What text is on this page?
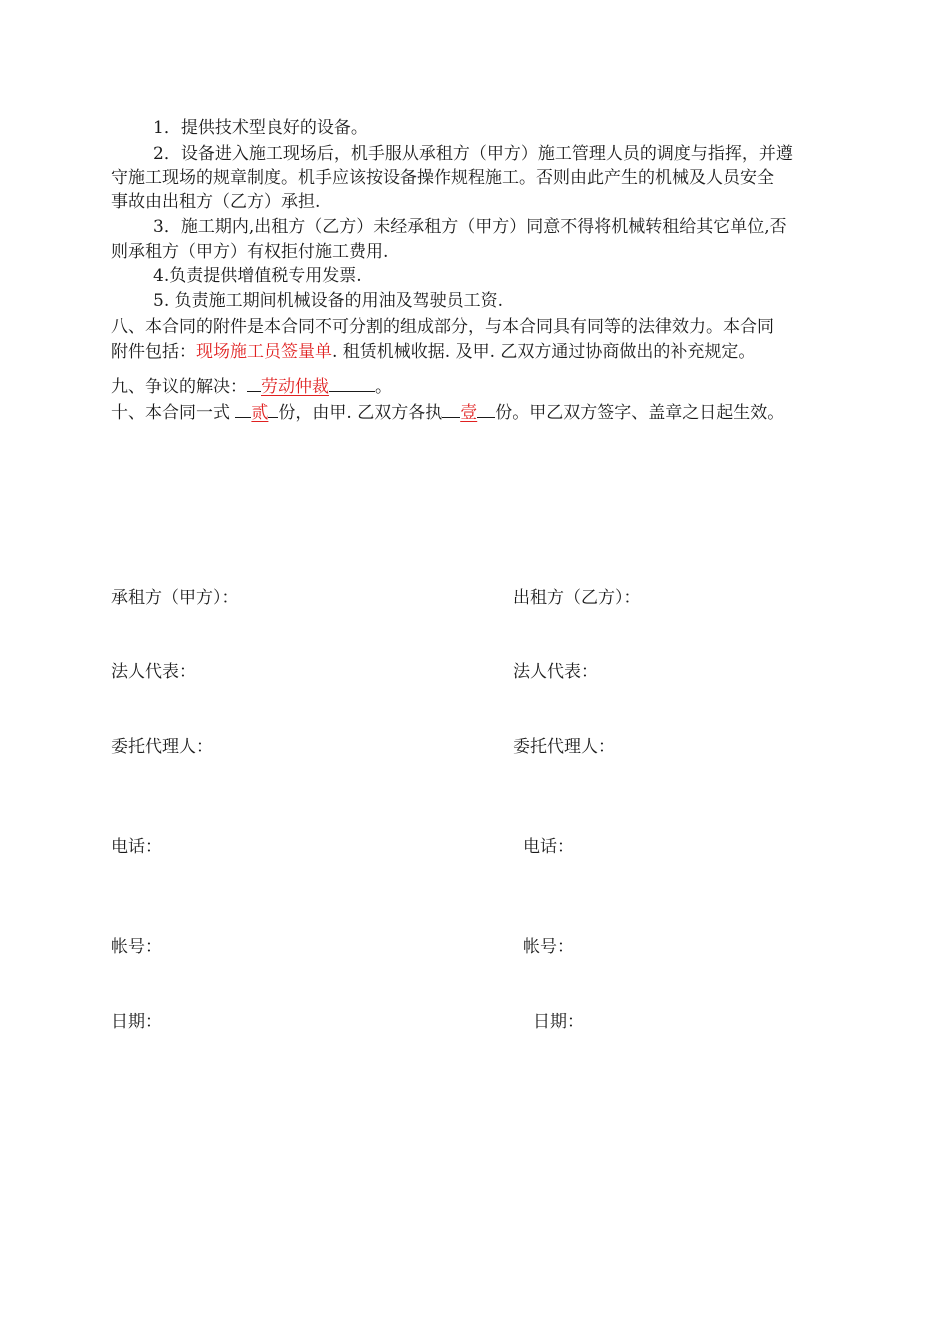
1．提供技术型良好的设备。
2．设备进入施工现场后，机手服从承租方（甲方）施工管理人员的调度与指挥，并遵
守施工现场的规章制度。机手应该按设备操作规程施工。否则由此产生的机械及人员安全
事故由出租方（乙方）承担.
3．施工期内,出租方（乙方）未经承租方（甲方）同意不得将机械转租给其它单位,否
则承租方（甲方）有权拒付施工费用.
4.负责提供增值税专用发票.
5. 负责施工期间机械设备的用油及驾驶员工资.
八、本合同的附件是本合同不可分割的组成部分，与本合同具有同等的法律效力。本合同
附件包括：现场施工员签量单. 租赁机械收据. 及甲. 乙双方通过协商做出的补充规定。
九、争议的解决： 劳动仲裁	。
十、本合同一式 贰 份，由甲. 乙双方各执 壹 份。甲乙双方签字、盖章之日起生效。
承租方（甲方）：
法人代表：
委托代理人：
电话：
帐号：
日期：
出租方（乙方）：
法人代表：
委托代理人：
电话：
帐号：
日期：
